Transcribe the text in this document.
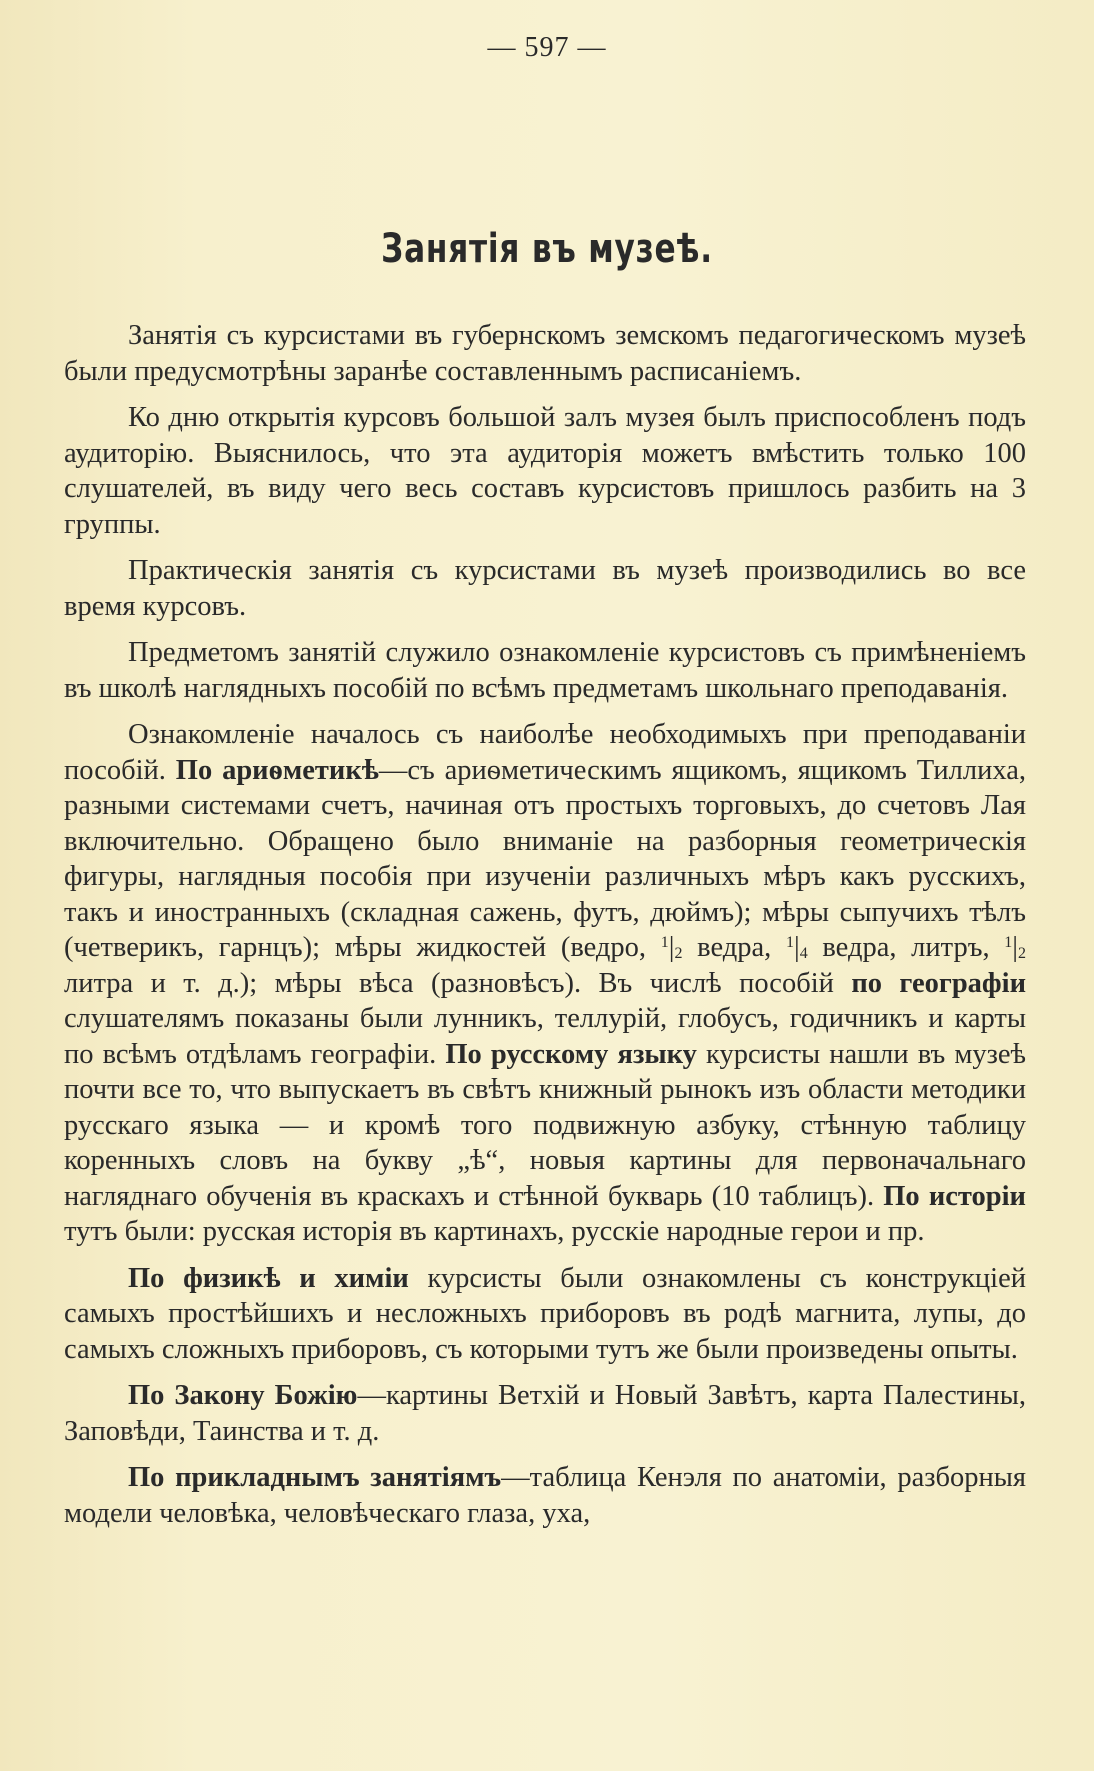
— 597 —
Занятія въ музеѣ.

Занятія съ курсистами въ губернскомъ земскомъ педагогическомъ музеѣ были предусмотрѣны заранѣе составленнымъ расписаніемъ.

Ко дню открытія курсовъ большой залъ музея былъ приспособленъ подъ аудиторію. Выяснилось, что эта аудиторія можетъ вмѣстить только 100 слушателей, въ виду чего весь составъ курсистовъ пришлось разбить на 3 группы.

Практическія занятія съ курсистами въ музеѣ производились во все время курсовъ.

Предметомъ занятій служило ознакомленіе курсистовъ съ примѣненіемъ въ школѣ наглядныхъ пособій по всѣмъ предметамъ школьнаго преподаванія.

Ознакомленіе началось съ наиболѣе необходимыхъ при преподаваніи пособій. По ариѳметикѣ—съ ариѳметическимъ ящикомъ, ящикомъ Тиллиха, разными системами счетъ, начиная отъ простыхъ торговыхъ, до счетовъ Лая включительно. Обращено было вниманіе на разборныя геометрическія фигуры, наглядныя пособія при изученіи различныхъ мѣръ какъ русскихъ, такъ и иностранныхъ (складная сажень, футъ, дюймъ); мѣры сыпучихъ тѣлъ (четверикъ, гарнцъ); мѣры жидкостей (ведро, $^1|_2$ ведра, $^1|_4$ ведра, литръ, $^1|_2$ литра и т. д.); мѣры вѣса (разновѣсъ). Въ числѣ пособій по географіи слушателямъ показаны были лунникъ, теллурій, глобусъ, годичникъ и карты по всѣмъ отдѣламъ географіи. По русскому языку курсисты нашли въ музеѣ почти все то, что выпускаетъ въ свѣтъ книжный рынокъ изъ области методики русскаго языка — и кромѣ того подвижную азбуку, стѣнную таблицу коренныхъ словъ на букву „ѣ“, новыя картины для первоначальнаго нагляднаго обученія въ краскахъ и стѣнной букварь (10 таблицъ). По исторіи тутъ были: русская исторія въ картинахъ, русскіе народные герои и пр.

По физикѣ и химіи курсисты были ознакомлены съ конструкціей самыхъ простѣйшихъ и несложныхъ приборовъ въ родѣ магнита, лупы, до самыхъ сложныхъ приборовъ, съ которыми тутъ же были произведены опыты.

По Закону Божію—картины Ветхій и Новый Завѣтъ, карта Палестины, Заповѣди, Таинства и т. д.

По прикладнымъ занятіямъ—таблица Кенэля по анатоміи, разборныя модели человѣка, человѣческаго глаза, уха,
